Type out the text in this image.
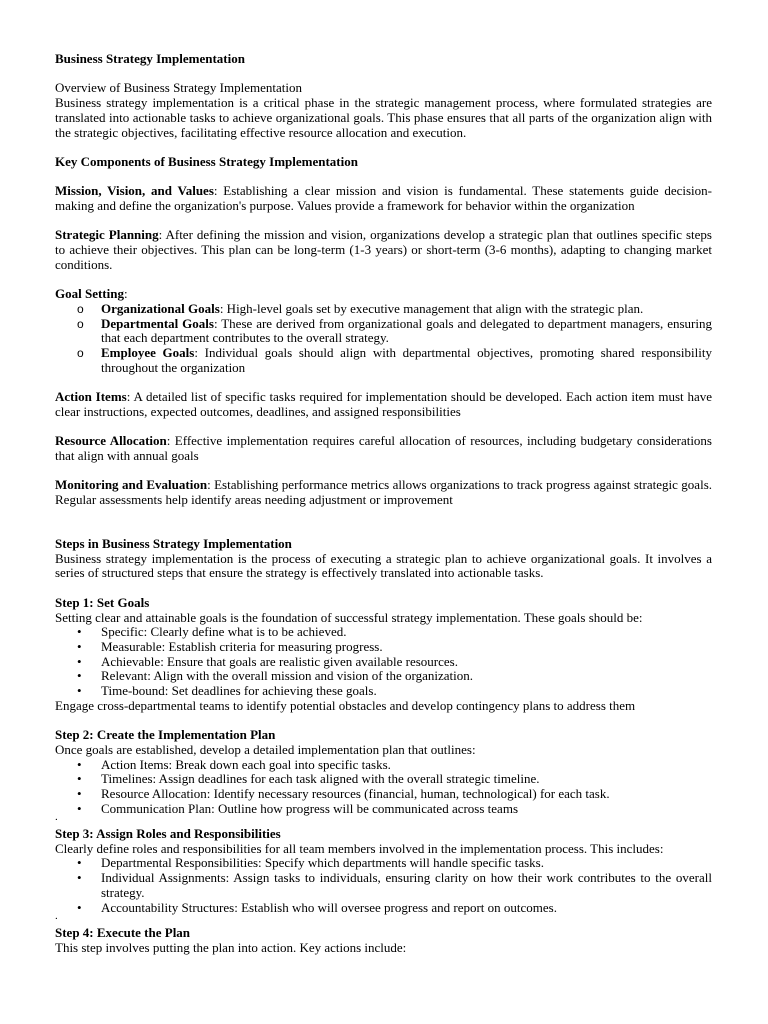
Business Strategy Implementation

Overview of Business Strategy Implementation

Business strategy implementation is a critical phase in the strategic management process, where formulated strategies are translated into actionable tasks to achieve organizational goals. This phase ensures that all parts of the organization align with the strategic objectives, facilitating effective resource allocation and execution.

Key Components of Business Strategy Implementation

Mission, Vision, and Values: Establishing a clear mission and vision is fundamental. These statements guide decision-making and define the organization's purpose. Values provide a framework for behavior within the organization

Strategic Planning: After defining the mission and vision, organizations develop a strategic plan that outlines specific steps to achieve their objectives. This plan can be long-term (1-3 years) or short-term (3-6 months), adapting to changing market conditions.

Goal Setting:

o Organizational Goals: High-level goals set by executive management that align with the strategic plan.
o Departmental Goals: These are derived from organizational goals and delegated to department managers, ensuring that each department contributes to the overall strategy.
o Employee Goals: Individual goals should align with departmental objectives, promoting shared responsibility throughout the organization

Action Items: A detailed list of specific tasks required for implementation should be developed. Each action item must have clear instructions, expected outcomes, deadlines, and assigned responsibilities

Resource Allocation: Effective implementation requires careful allocation of resources, including budgetary considerations that align with annual goals

Monitoring and Evaluation: Establishing performance metrics allows organizations to track progress against strategic goals. Regular assessments help identify areas needing adjustment or improvement

Steps in Business Strategy Implementation

Business strategy implementation is the process of executing a strategic plan to achieve organizational goals. It involves a series of structured steps that ensure the strategy is effectively translated into actionable tasks.

Step 1: Set Goals

Setting clear and attainable goals is the foundation of successful strategy implementation. These goals should be:

• Specific: Clearly define what is to be achieved.
• Measurable: Establish criteria for measuring progress.
• Achievable: Ensure that goals are realistic given available resources.
• Relevant: Align with the overall mission and vision of the organization.
• Time-bound: Set deadlines for achieving these goals.

Engage cross-departmental teams to identify potential obstacles and develop contingency plans to address them

Step 2: Create the Implementation Plan

Once goals are established, develop a detailed implementation plan that outlines:

• Action Items: Break down each goal into specific tasks.
• Timelines: Assign deadlines for each task aligned with the overall strategic timeline.
• Resource Allocation: Identify necessary resources (financial, human, technological) for each task.
• Communication Plan: Outline how progress will be communicated across teams

.

Step 3: Assign Roles and Responsibilities

Clearly define roles and responsibilities for all team members involved in the implementation process. This includes:

• Departmental Responsibilities: Specify which departments will handle specific tasks.
• Individual Assignments: Assign tasks to individuals, ensuring clarity on how their work contributes to the overall strategy.
• Accountability Structures: Establish who will oversee progress and report on outcomes.

.

Step 4: Execute the Plan

This step involves putting the plan into action. Key actions include:
